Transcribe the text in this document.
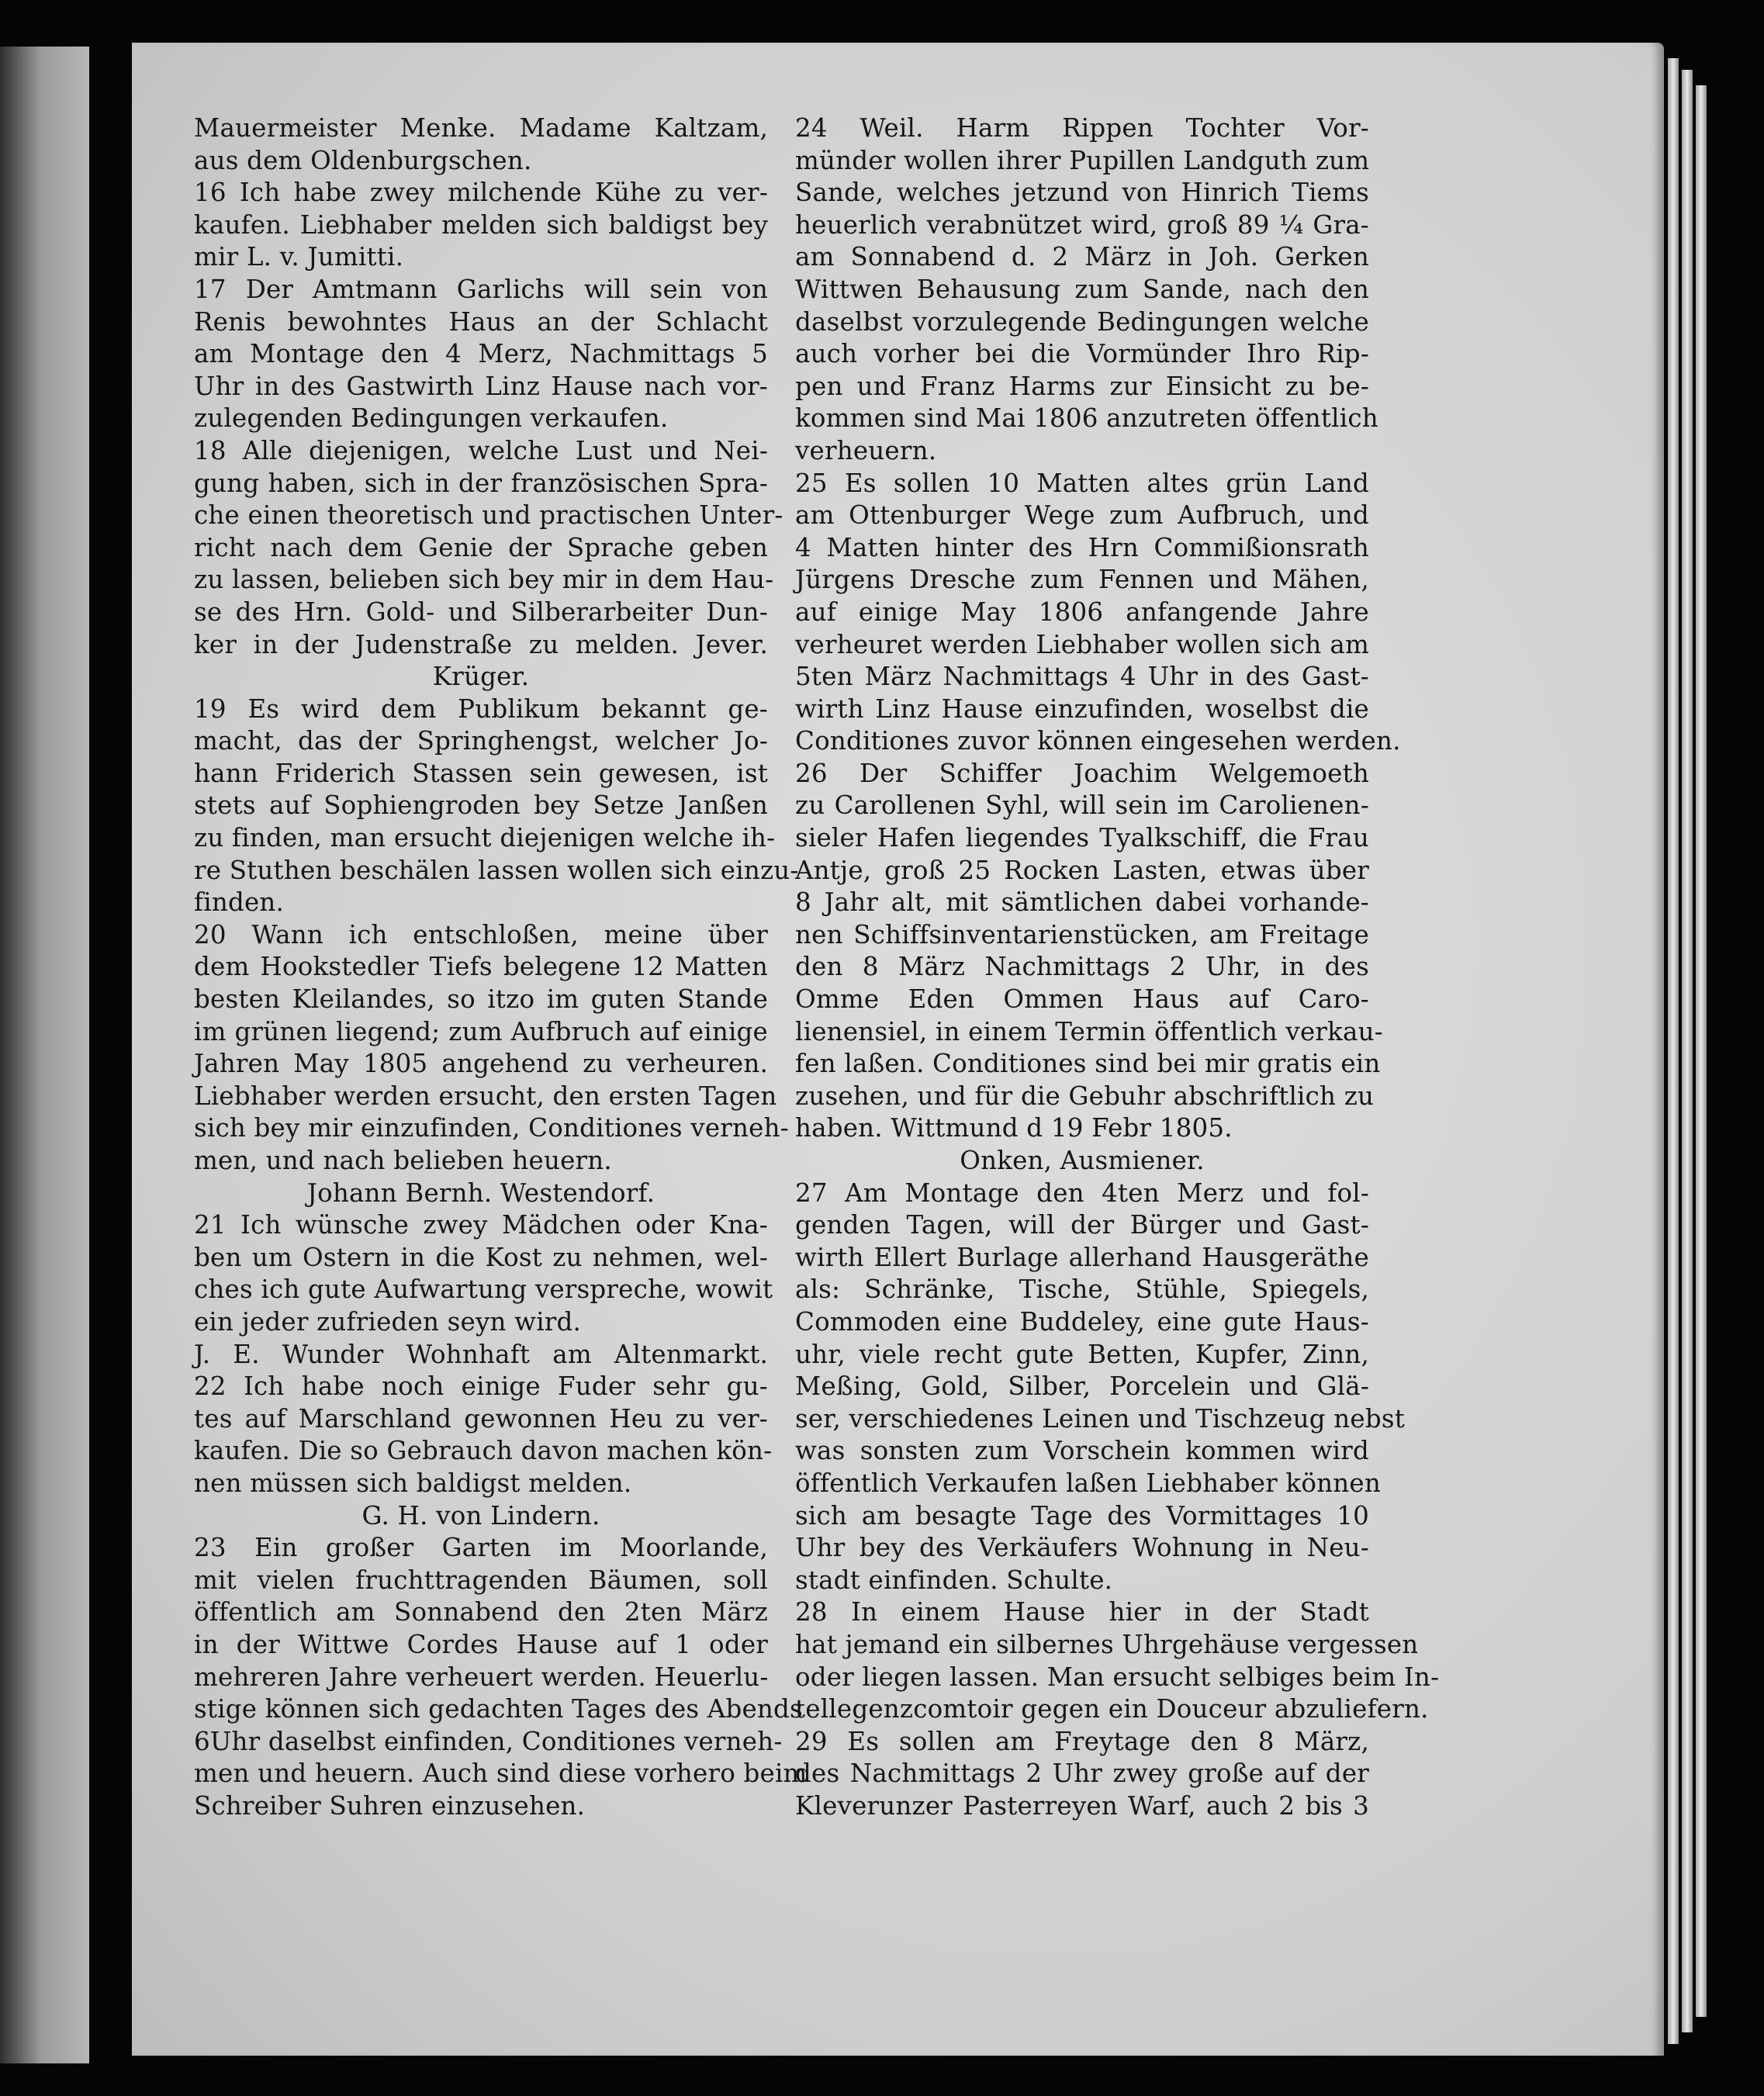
Mauermeister Menke. Madame Kaltzam,
aus dem Oldenburgschen.
16 Ich habe zwey milchende Kühe zu ver-
kaufen. Liebhaber melden sich baldigst bey
mir L. v. Jumitti.
17 Der Amtmann Garlichs will sein von
Renis bewohntes Haus an der Schlacht
am Montage den 4 Merz, Nachmittags 5
Uhr in des Gastwirth Linz Hause nach vor-
zulegenden Bedingungen verkaufen.
18 Alle diejenigen, welche Lust und Nei-
gung haben, sich in der französischen Spra-
che einen theoretisch und practischen Unter-
richt nach dem Genie der Sprache geben
zu lassen, belieben sich bey mir in dem Hau-
se des Hrn. Gold- und Silberarbeiter Dun-
ker in der Judenstraße zu melden. Jever.
Krüger.
19 Es wird dem Publikum bekannt ge-
macht, das der Springhengst, welcher Jo-
hann Friderich Stassen sein gewesen, ist
stets auf Sophiengroden bey Setze Janßen
zu finden, man ersucht diejenigen welche ih-
re Stuthen beschälen lassen wollen sich einzu-
finden.
20 Wann ich entschloßen, meine über
dem Hookstedler Tiefs belegene 12 Matten
besten Kleilandes, so itzo im guten Stande
im grünen liegend; zum Aufbruch auf einige
Jahren May 1805 angehend zu verheuren.
Liebhaber werden ersucht, den ersten Tagen
sich bey mir einzufinden, Conditiones verneh-
men, und nach belieben heuern.
Johann Bernh. Westendorf.
21 Ich wünsche zwey Mädchen oder Kna-
ben um Ostern in die Kost zu nehmen, wel-
ches ich gute Aufwartung verspreche, wowit
ein jeder zufrieden seyn wird.
J. E. Wunder Wohnhaft am Altenmarkt.
22 Ich habe noch einige Fuder sehr gu-
tes auf Marschland gewonnen Heu zu ver-
kaufen. Die so Gebrauch davon machen kön-
nen müssen sich baldigst melden.
G. H. von Lindern.
23 Ein großer Garten im Moorlande,
mit vielen fruchttragenden Bäumen, soll
öffentlich am Sonnabend den 2ten März
in der Wittwe Cordes Hause auf 1 oder
mehreren Jahre verheuert werden. Heuerlu-
stige können sich gedachten Tages des Abends
6Uhr daselbst einfinden, Conditiones verneh-
men und heuern. Auch sind diese vorhero beim
Schreiber Suhren einzusehen.
24 Weil. Harm Rippen Tochter Vor-
münder wollen ihrer Pupillen Landguth zum
Sande, welches jetzund von Hinrich Tiems
heuerlich verabnützet wird, groß 89 ¼ Gra-
am Sonnabend d. 2 März in Joh. Gerken
Wittwen Behausung zum Sande, nach den
daselbst vorzulegende Bedingungen welche
auch vorher bei die Vormünder Ihro Rip-
pen und Franz Harms zur Einsicht zu be-
kommen sind Mai 1806 anzutreten öffentlich
verheuern.
25 Es sollen 10 Matten altes grün Land
am Ottenburger Wege zum Aufbruch, und
4 Matten hinter des Hrn Commißionsrath
Jürgens Dresche zum Fennen und Mähen,
auf einige May 1806 anfangende Jahre
verheuret werden Liebhaber wollen sich am
5ten März Nachmittags 4 Uhr in des Gast-
wirth Linz Hause einzufinden, woselbst die
Conditiones zuvor können eingesehen werden.
26 Der Schiffer Joachim Welgemoeth
zu Carollenen Syhl, will sein im Carolienen-
sieler Hafen liegendes Tyalkschiff, die Frau
Antje, groß 25 Rocken Lasten, etwas über
8 Jahr alt, mit sämtlichen dabei vorhande-
nen Schiffsinventarienstücken, am Freitage
den 8 März Nachmittags 2 Uhr, in des
Omme Eden Ommen Haus auf Caro-
lienensiel, in einem Termin öffentlich verkau-
fen laßen. Conditiones sind bei mir gratis ein
zusehen, und für die Gebuhr abschriftlich zu
haben. Wittmund d 19 Febr 1805.
Onken, Ausmiener.
27 Am Montage den 4ten Merz und fol-
genden Tagen, will der Bürger und Gast-
wirth Ellert Burlage allerhand Hausgeräthe
als: Schränke, Tische, Stühle, Spiegels,
Commoden eine Buddeley, eine gute Haus-
uhr, viele recht gute Betten, Kupfer, Zinn,
Meßing, Gold, Silber, Porcelein und Glä-
ser, verschiedenes Leinen und Tischzeug nebst
was sonsten zum Vorschein kommen wird
öffentlich Verkaufen laßen Liebhaber können
sich am besagte Tage des Vormittages 10
Uhr bey des Verkäufers Wohnung in Neu-
stadt einfinden. Schulte.
28 In einem Hause hier in der Stadt
hat jemand ein silbernes Uhrgehäuse vergessen
oder liegen lassen. Man ersucht selbiges beim In-
tellegenzcomtoir gegen ein Douceur abzuliefern.
29 Es sollen am Freytage den 8 März,
des Nachmittags 2 Uhr zwey große auf der
Kleverunzer Pasterreyen Warf, auch 2 bis 3
